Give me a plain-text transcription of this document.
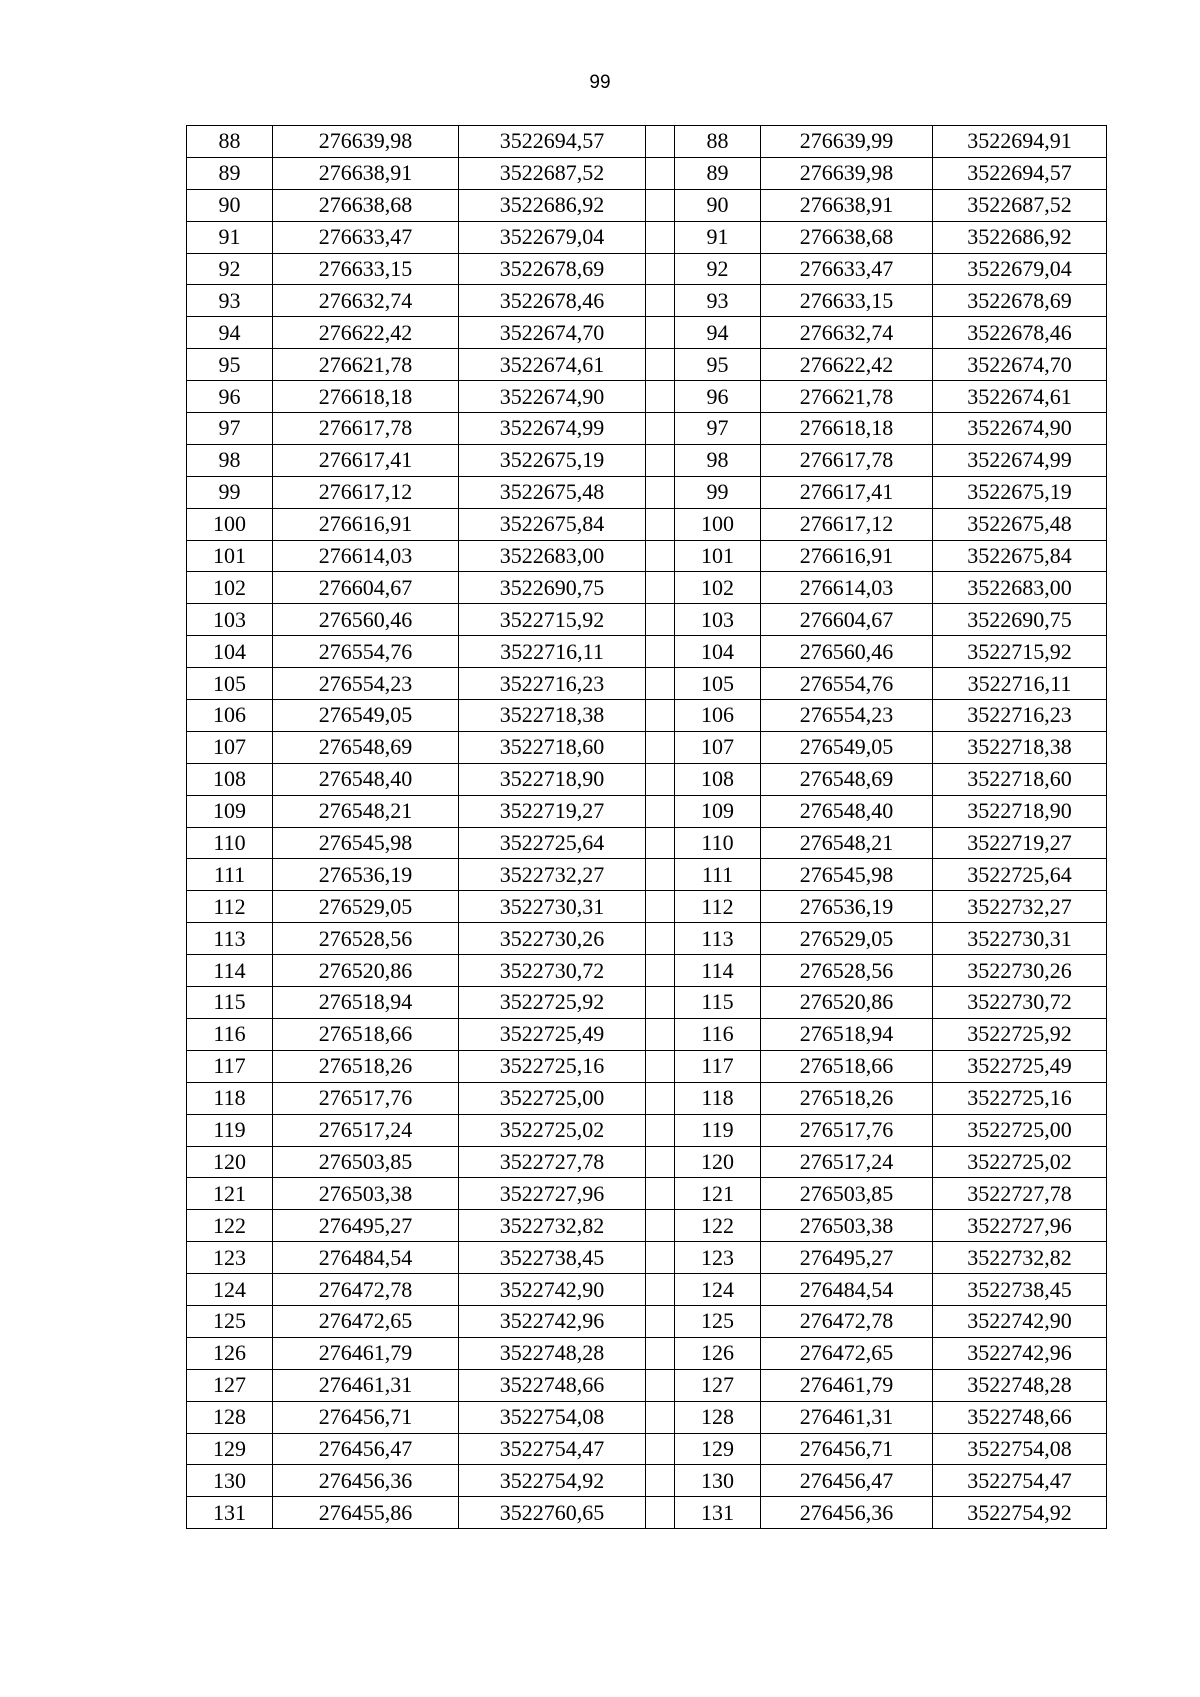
99
88	276639,98	3522694,57		88	276639,99	3522694,91
89	276638,91	3522687,52		89	276639,98	3522694,57
90	276638,68	3522686,92		90	276638,91	3522687,52
91	276633,47	3522679,04		91	276638,68	3522686,92
92	276633,15	3522678,69		92	276633,47	3522679,04
93	276632,74	3522678,46		93	276633,15	3522678,69
94	276622,42	3522674,70		94	276632,74	3522678,46
95	276621,78	3522674,61		95	276622,42	3522674,70
96	276618,18	3522674,90		96	276621,78	3522674,61
97	276617,78	3522674,99		97	276618,18	3522674,90
98	276617,41	3522675,19		98	276617,78	3522674,99
99	276617,12	3522675,48		99	276617,41	3522675,19
100	276616,91	3522675,84		100	276617,12	3522675,48
101	276614,03	3522683,00		101	276616,91	3522675,84
102	276604,67	3522690,75		102	276614,03	3522683,00
103	276560,46	3522715,92		103	276604,67	3522690,75
104	276554,76	3522716,11		104	276560,46	3522715,92
105	276554,23	3522716,23		105	276554,76	3522716,11
106	276549,05	3522718,38		106	276554,23	3522716,23
107	276548,69	3522718,60		107	276549,05	3522718,38
108	276548,40	3522718,90		108	276548,69	3522718,60
109	276548,21	3522719,27		109	276548,40	3522718,90
110	276545,98	3522725,64		110	276548,21	3522719,27
111	276536,19	3522732,27		111	276545,98	3522725,64
112	276529,05	3522730,31		112	276536,19	3522732,27
113	276528,56	3522730,26		113	276529,05	3522730,31
114	276520,86	3522730,72		114	276528,56	3522730,26
115	276518,94	3522725,92		115	276520,86	3522730,72
116	276518,66	3522725,49		116	276518,94	3522725,92
117	276518,26	3522725,16		117	276518,66	3522725,49
118	276517,76	3522725,00		118	276518,26	3522725,16
119	276517,24	3522725,02		119	276517,76	3522725,00
120	276503,85	3522727,78		120	276517,24	3522725,02
121	276503,38	3522727,96		121	276503,85	3522727,78
122	276495,27	3522732,82		122	276503,38	3522727,96
123	276484,54	3522738,45		123	276495,27	3522732,82
124	276472,78	3522742,90		124	276484,54	3522738,45
125	276472,65	3522742,96		125	276472,78	3522742,90
126	276461,79	3522748,28		126	276472,65	3522742,96
127	276461,31	3522748,66		127	276461,79	3522748,28
128	276456,71	3522754,08		128	276461,31	3522748,66
129	276456,47	3522754,47		129	276456,71	3522754,08
130	276456,36	3522754,92		130	276456,47	3522754,47
131	276455,86	3522760,65		131	276456,36	3522754,92
